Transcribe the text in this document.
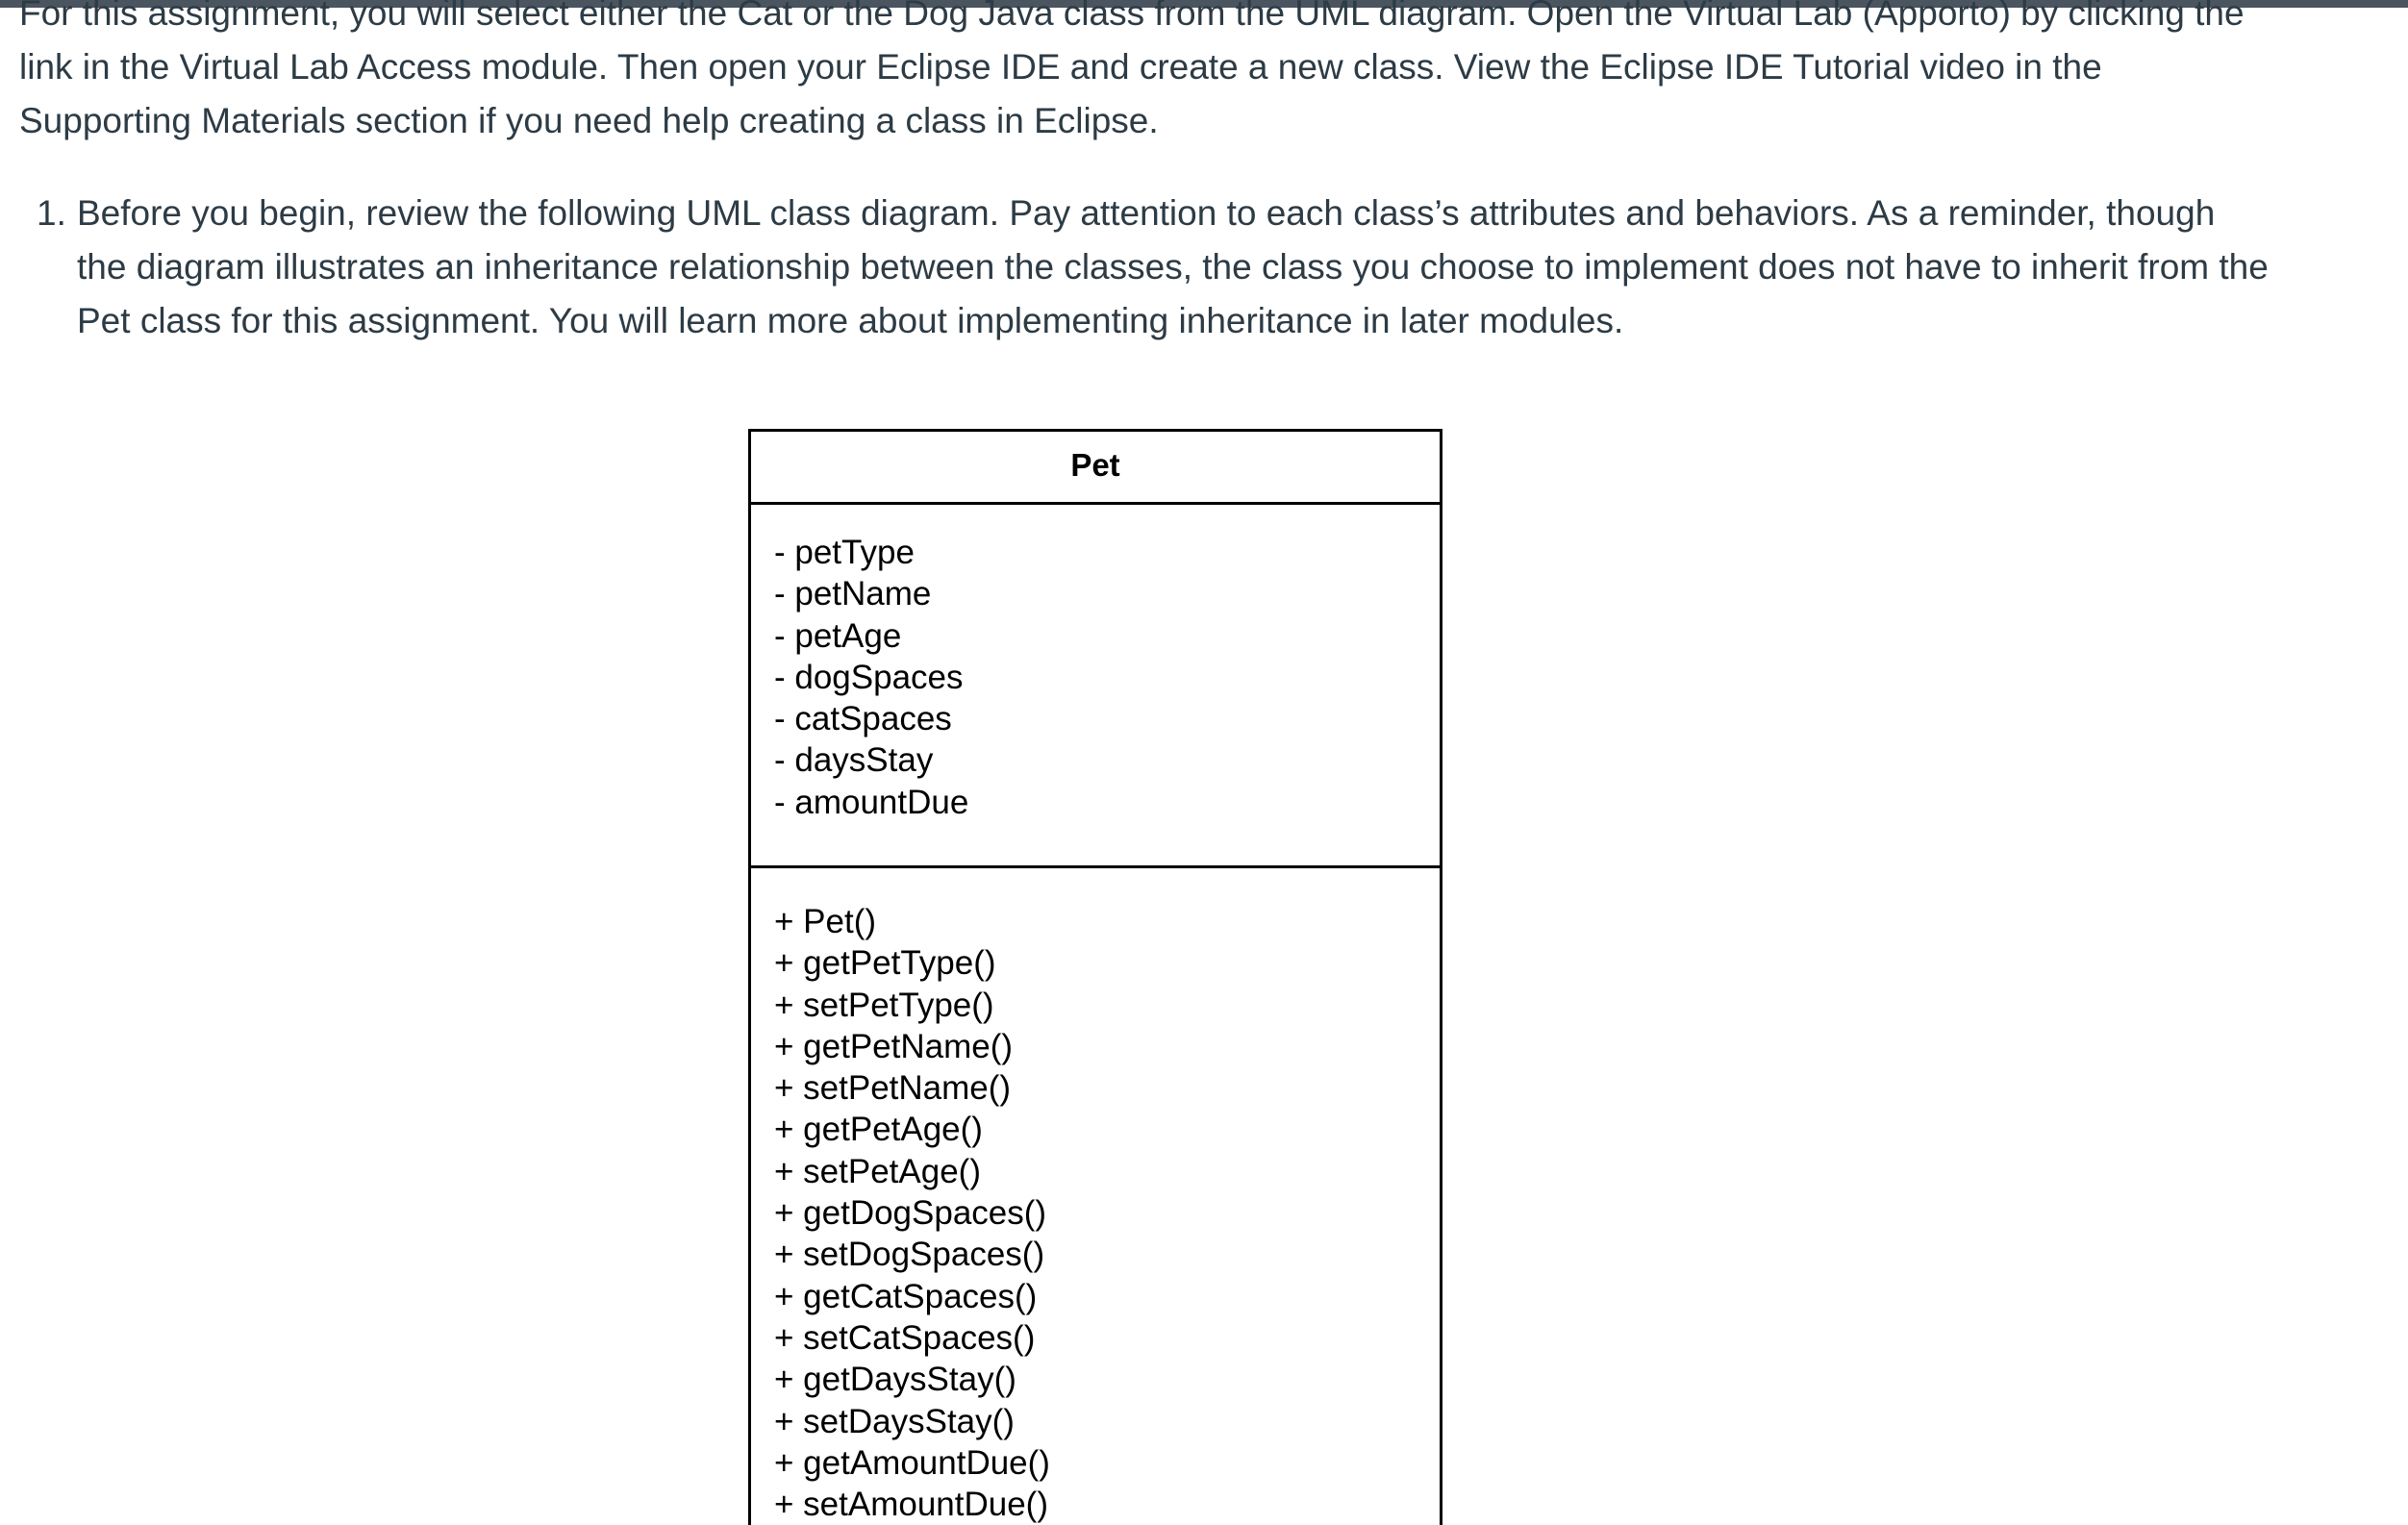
For this assignment, you will select either the Cat or the Dog Java class from the UML diagram. Open the Virtual Lab (Apporto) by clicking the link in the Virtual Lab Access module. Then open your Eclipse IDE and create a new class. View the Eclipse IDE Tutorial video in the Supporting Materials section if you need help creating a class in Eclipse.

1. Before you begin, review the following UML class diagram. Pay attention to each class’s attributes and behaviors. As a reminder, though the diagram illustrates an inheritance relationship between the classes, the class you choose to implement does not have to inherit from the Pet class for this assignment. You will learn more about implementing inheritance in later modules.
Pet
- petType
- petName
- petAge
- dogSpaces
- catSpaces
- daysStay
- amountDue
+ Pet()
+ getPetType()
+ setPetType()
+ getPetName()
+ setPetName()
+ getPetAge()
+ setPetAge()
+ getDogSpaces()
+ setDogSpaces()
+ getCatSpaces()
+ setCatSpaces()
+ getDaysStay()
+ setDaysStay()
+ getAmountDue()
+ setAmountDue()
